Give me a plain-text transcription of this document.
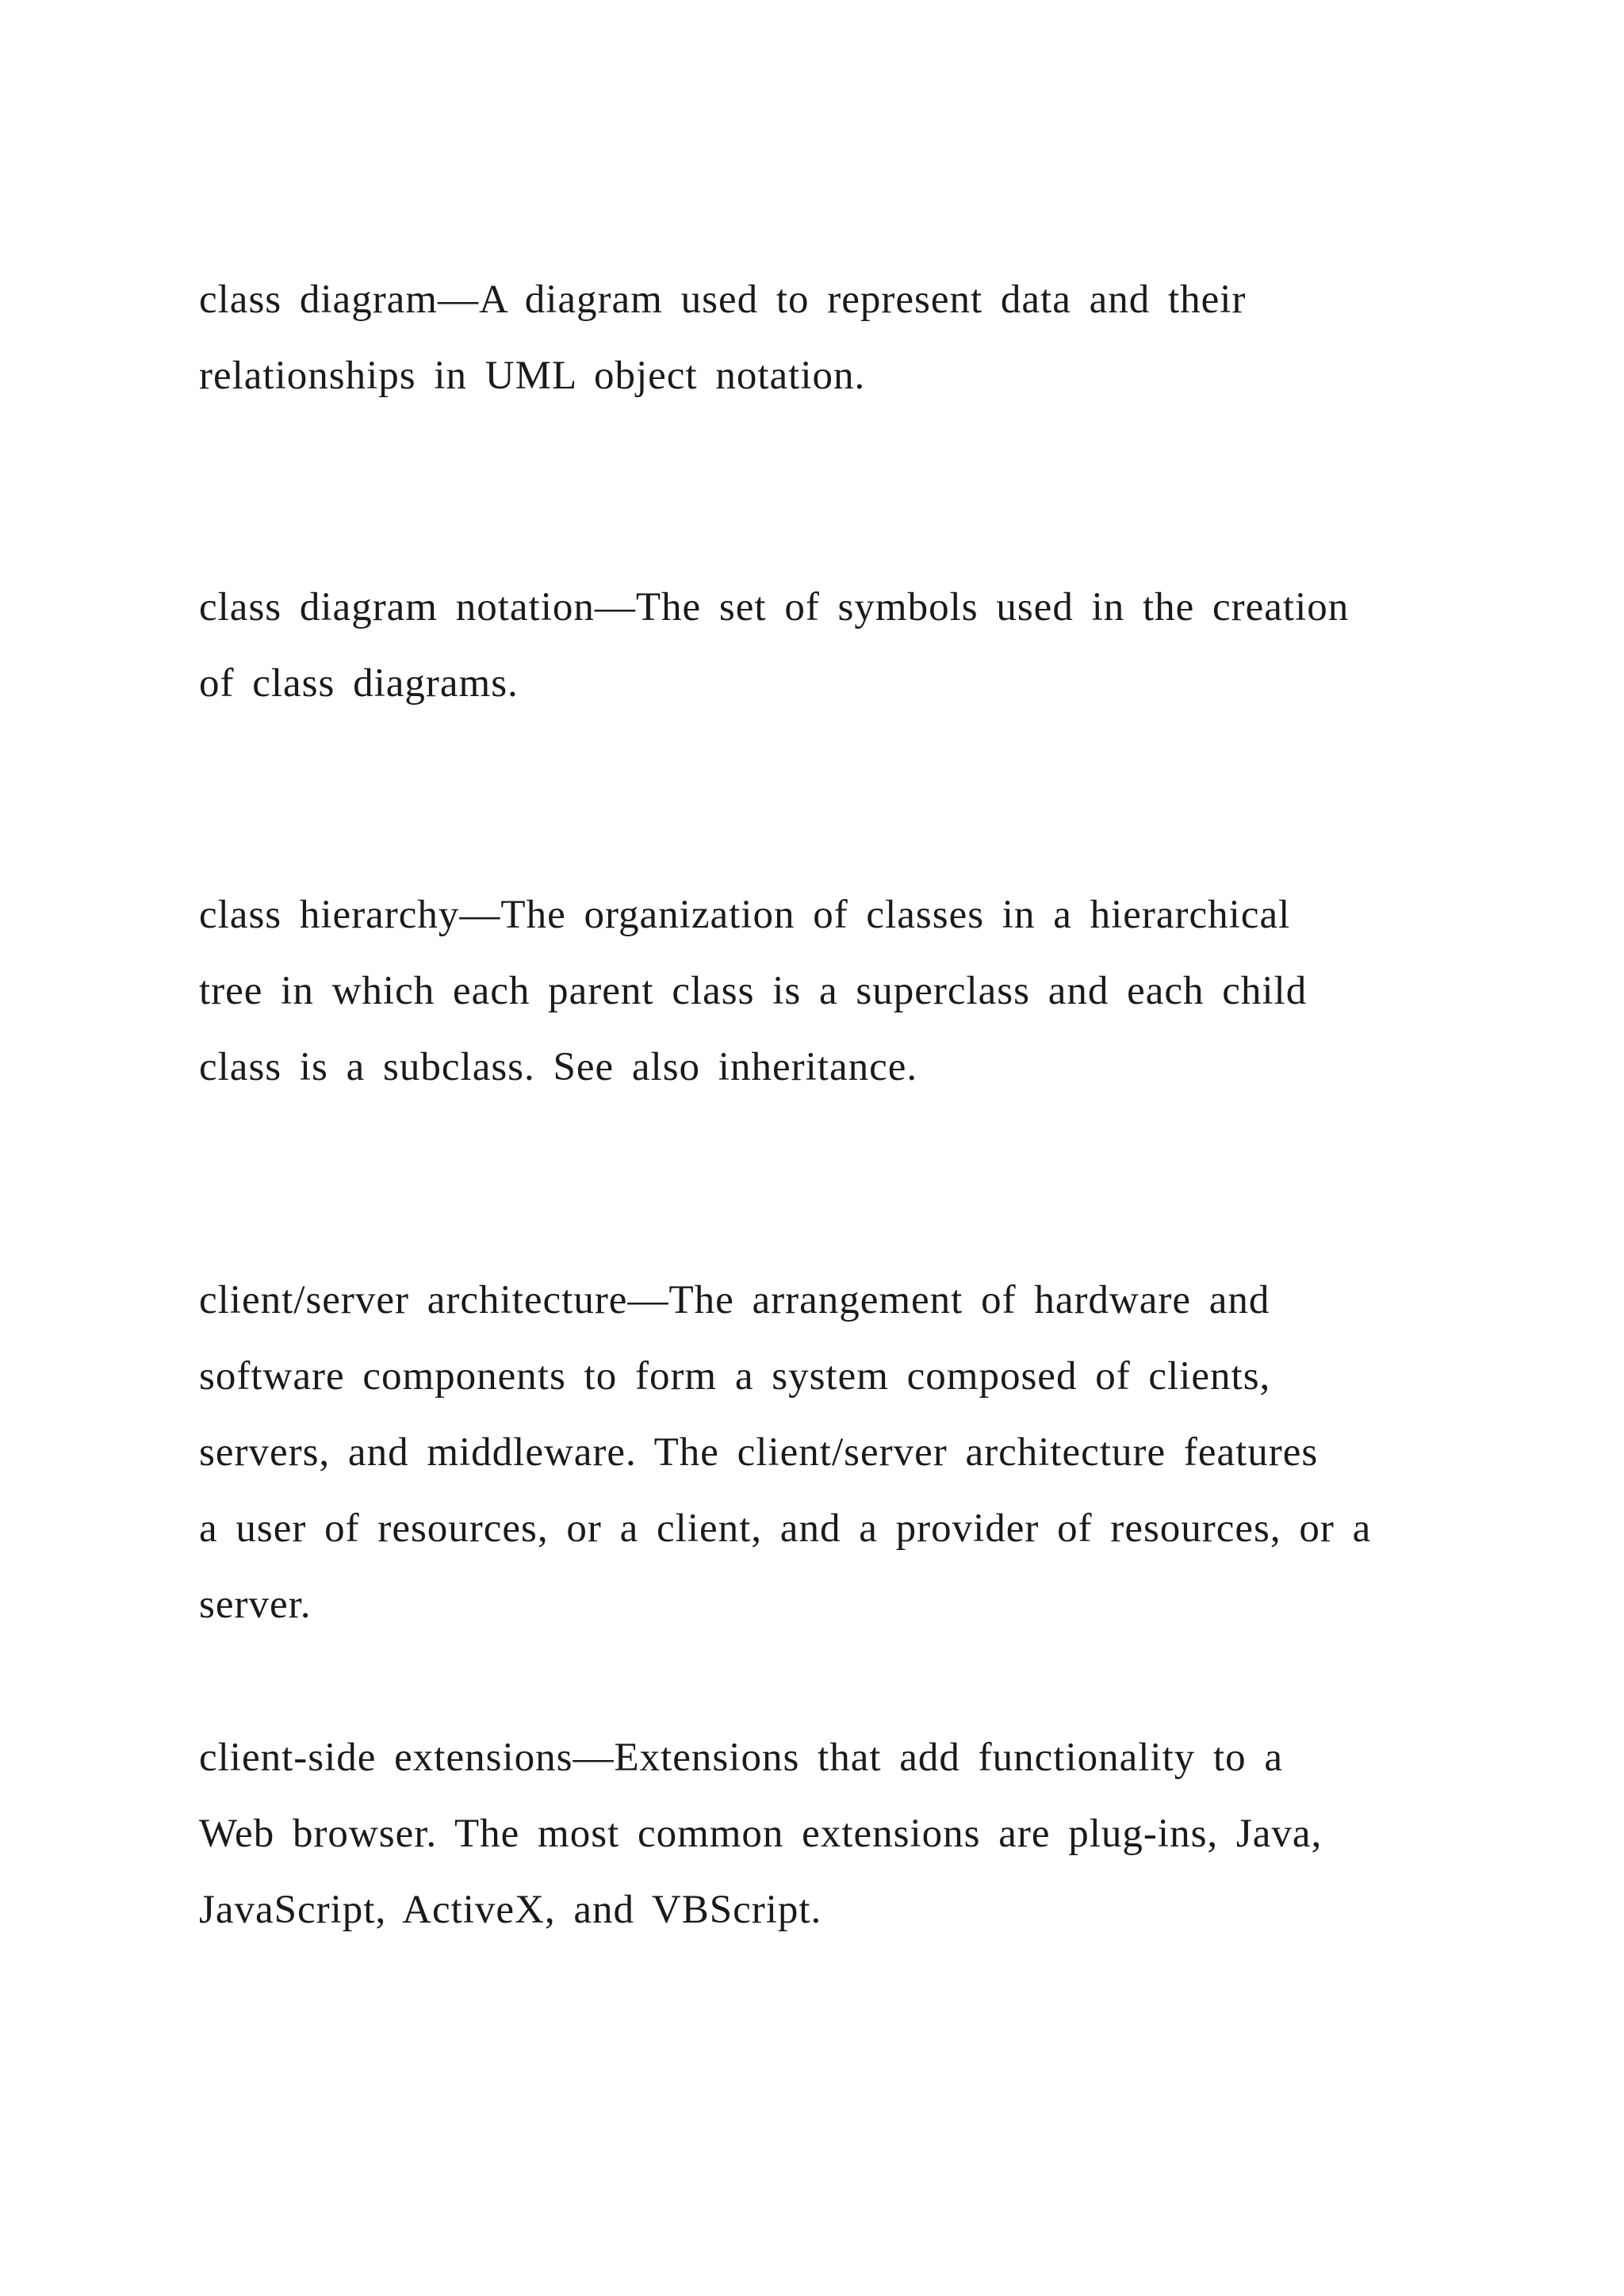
class diagram—A diagram used to represent data and their
relationships in UML object notation.

class diagram notation—The set of symbols used in the creation
of class diagrams.

class hierarchy—The organization of classes in a hierarchical
tree in which each parent class is a superclass and each child
class is a subclass. See also inheritance.

client/server architecture—The arrangement of hardware and
software components to form a system composed of clients,
servers, and middleware. The client/server architecture features
a user of resources, or a client, and a provider of resources, or a
server.

client-side extensions—Extensions that add functionality to a
Web browser. The most common extensions are plug-ins, Java,
JavaScript, ActiveX, and VBScript.
